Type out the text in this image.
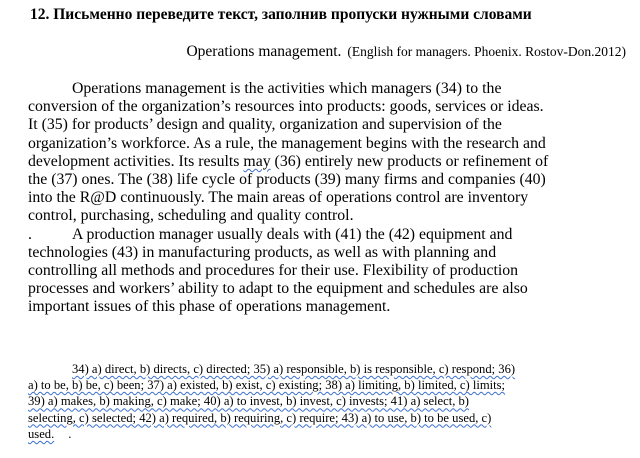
12. Письменно переведите текст, заполнив пропуски нужными словами
Operations management. (English for managers. Phoenix. Rostov-Don.2012)
Operations management is the activities which managers (34) to the
conversion of the organization’s resources into products: goods, services or ideas.
It (35) for products’ design and quality, organization and supervision of the
organization’s workforce. As a rule, the management begins with the research and
development activities. Its results may (36) entirely new products or refinement of
the (37) ones. The (38) life cycle of products (39) many firms and companies (40)
into the R@D continuously. The main areas of operations control are inventory
control, purchasing, scheduling and quality control.
.	A production manager usually deals with (41) the (42) equipment and
technologies (43) in manufacturing products, as well as with planning and
controlling all methods and procedures for their use. Flexibility of production
processes and workers’ ability to adapt to the equipment and schedules are also
important issues of this phase of operations management.
34) a) direct, b) directs, c) directed; 35) a) responsible, b) is responsible, c) respond; 36)
a) to be, b) be, c) been; 37) a) existed, b) exist, c) existing; 38) a) limiting, b) limited, c) limits;
39) a) makes, b) making, c) make; 40) a) to invest, b) invest, c) invests; 41) a) select, b)
selecting, c) selected; 42) a) required, b) requiring, c) require; 43) a) to use, b) to be used, c)
used. .
